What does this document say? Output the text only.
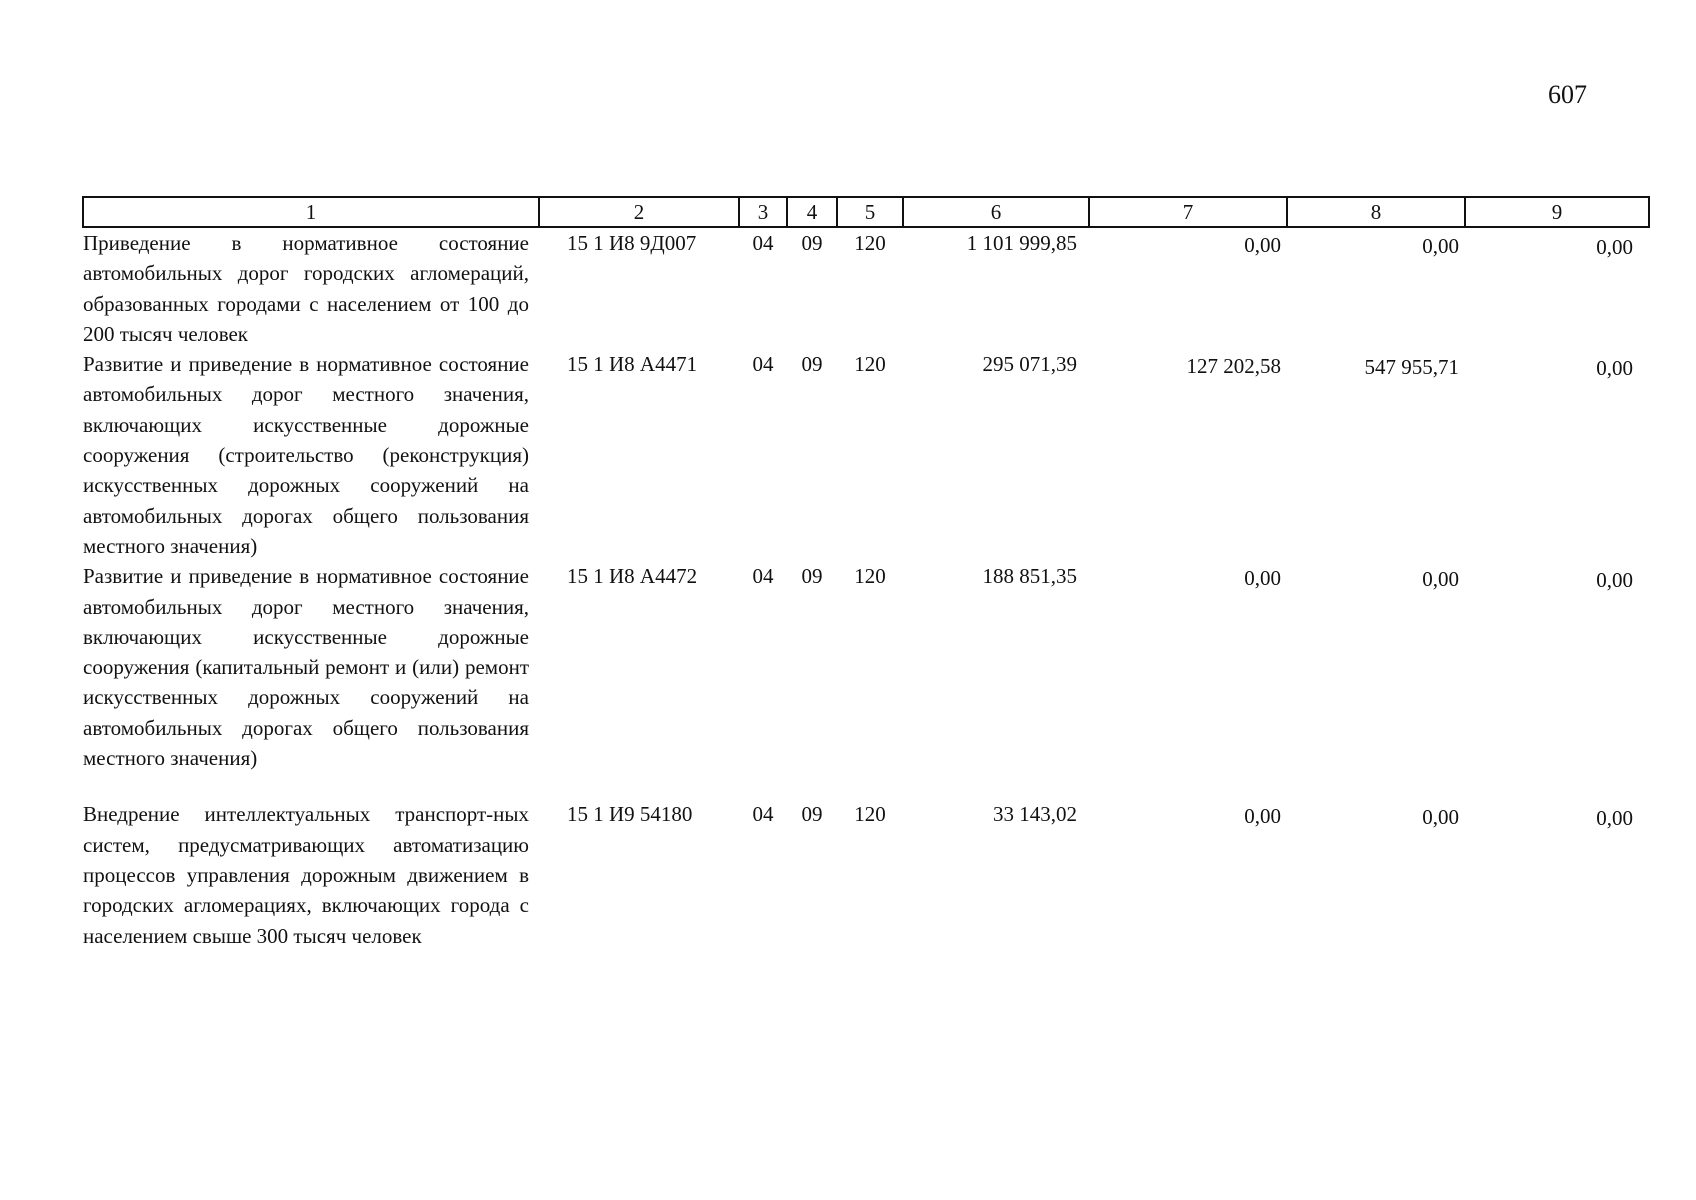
607
1	2	3	4	5	6	7	8	9
Приведение в нормативное состояние автомобильных дорог городских агломераций, образованных городами с населением от 100 до 200 тысяч человек	15 1 И8 9Д007	04	09	120	1 101 999,85	0,00	0,00	0,00
Развитие и приведение в нормативное состояние автомобильных дорог местного значения, включающих искусственные дорожные сооружения (строительство (реконструкция) искусственных дорожных сооружений на автомобильных дорогах общего пользования местного значения)	15 1 И8 А4471	04	09	120	295 071,39	127 202,58	547 955,71	0,00
Развитие и приведение в нормативное состояние автомобильных дорог местного значения, включающих искусственные дорожные сооружения (капитальный ремонт и (или) ремонт искусственных дорожных сооружений на автомобильных дорогах общего пользования местного значения)	15 1 И8 А4472	04	09	120	188 851,35	0,00	0,00	0,00
Внедрение интеллектуальных транспорт-ных систем, предусматривающих автоматизацию процессов управления дорожным движением в городских агломерациях, включающих города с населением свыше 300 тысяч человек	15 1 И9 54180	04	09	120	33 143,02	0,00	0,00	0,00
